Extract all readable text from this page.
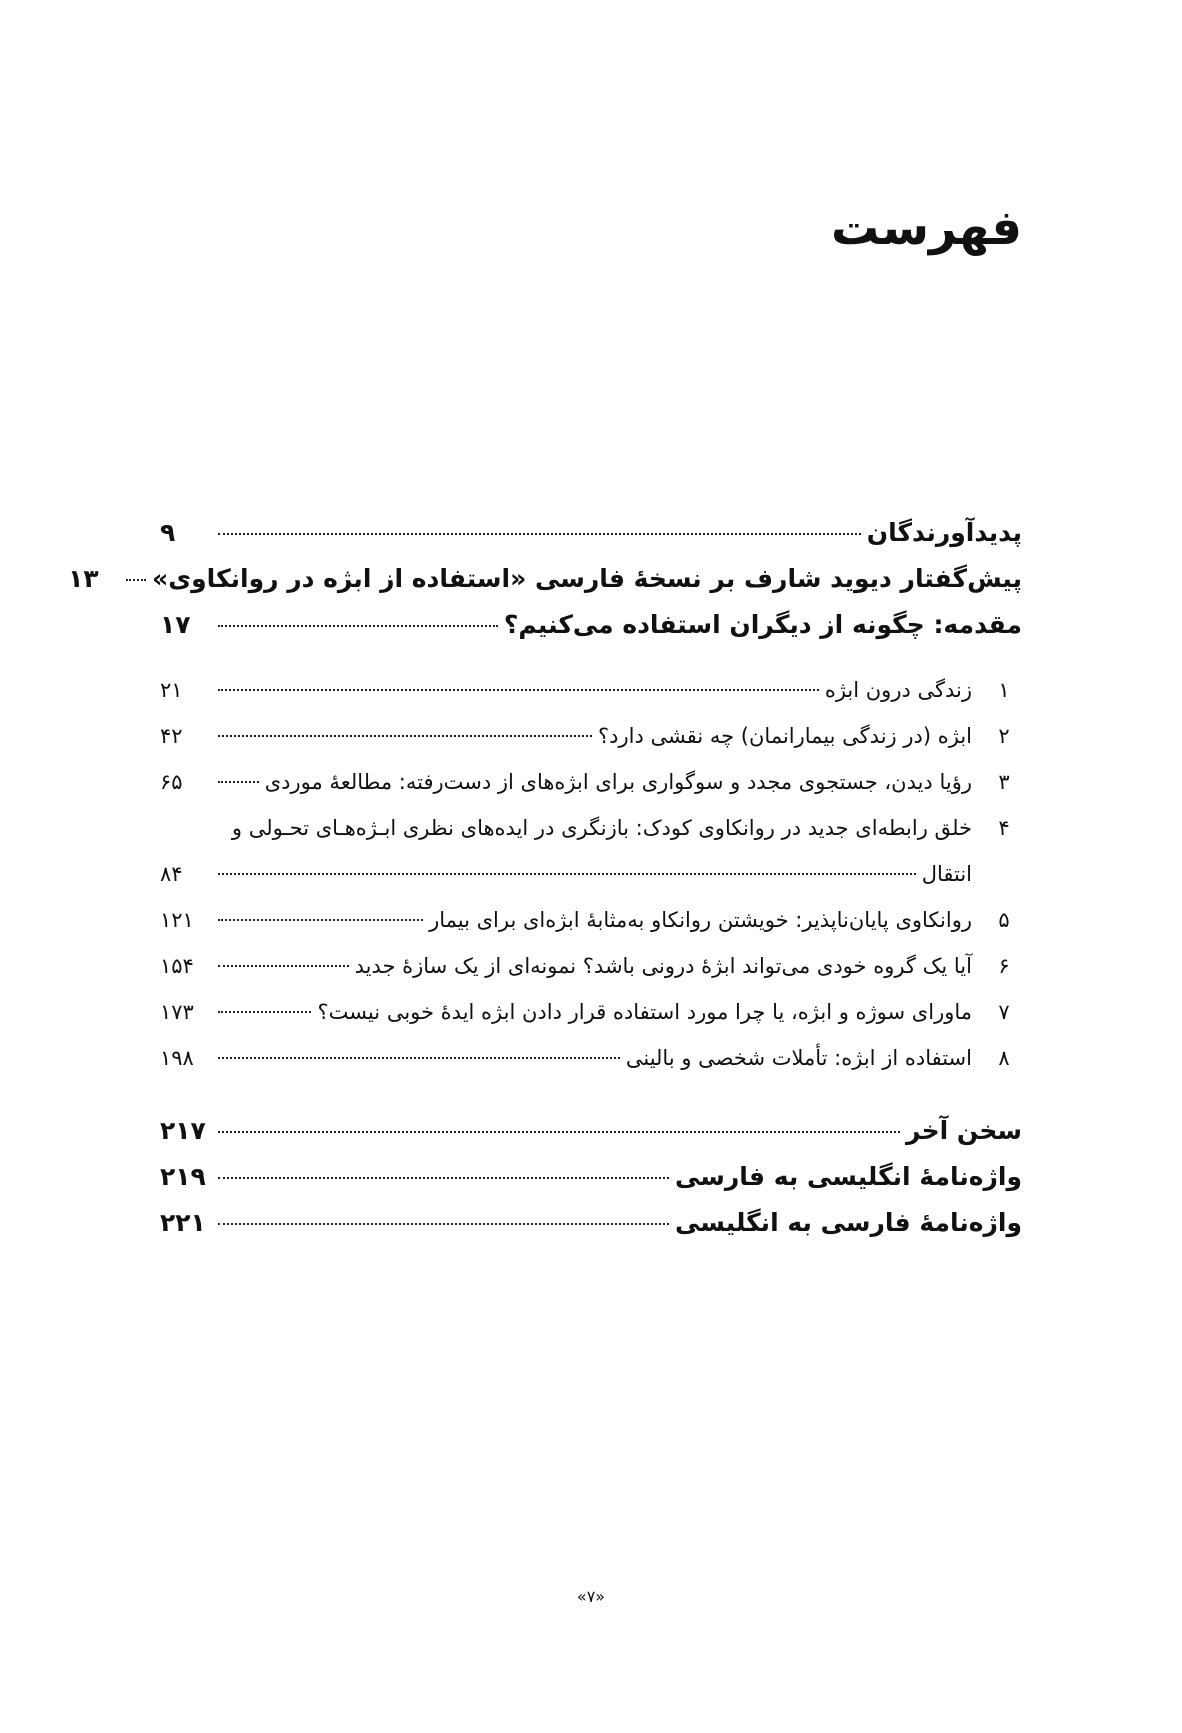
فهرست
پدیدآورندگان
۹
پیش‌گفتار دیوید شارف بر نسخهٔ فارسی «استفاده از ابژه در روانکاوی»
۱۳
مقدمه: چگونه از دیگران استفاده می‌کنیم؟
۱۷
۱
زندگی درون ابژه
۲۱
۲
ابژه (در زندگی بیمارانمان) چه نقشی دارد؟
۴۲
۳
رؤیا دیدن، جستجوی مجدد و سوگواری برای ابژه‌های از دست‌رفته: مطالعهٔ موردی
۶۵
۴
خلق رابطه‌ای جدید در روانکاوی کودک: بازنگری در ایده‌های نظری ابـژه‌هـای تحـولی و
انتقال
۸۴
۵
روانکاوی پایان‌ناپذیر: خویشتن روانکاو به‌مثابهٔ ابژه‌ای برای بیمار
۱۲۱
۶
آیا یک گروه خودی می‌تواند ابژهٔ درونی باشد؟ نمونه‌ای از یک سازهٔ جدید
۱۵۴
۷
ماورای سوژه و ابژه، یا چرا مورد استفاده قرار دادن ابژه ایدهٔ خوبی نیست؟
۱۷۳
۸
استفاده از ابژه: تأملات شخصی و بالینی
۱۹۸
سخن آخر
۲۱۷
واژه‌نامهٔ انگلیسی به فارسی
۲۱۹
واژه‌نامهٔ فارسی به انگلیسی
۲۲۱
«۷»
